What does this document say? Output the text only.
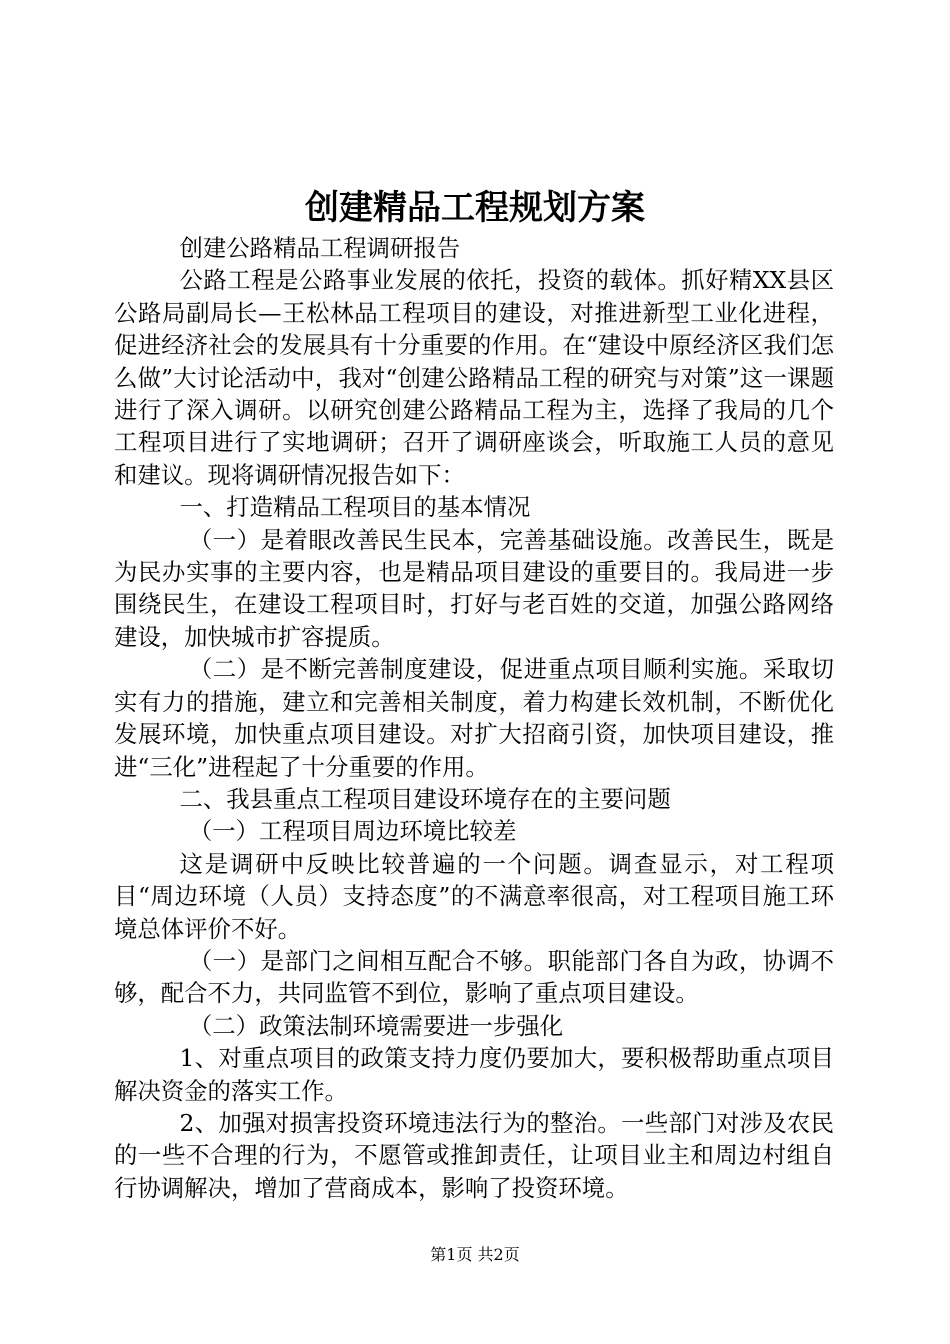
创建精品工程规划方案

创建公路精品工程调研报告

公路工程是公路事业发展的依托，投资的载体。抓好精XX县区公路局副局长—王松林品工程项目的建设，对推进新型工业化进程，促进经济社会的发展具有十分重要的作用。在“建设中原经济区我们怎么做”大讨论活动中，我对“创建公路精品工程的研究与对策”这一课题进行了深入调研。以研究创建公路精品工程为主，选择了我局的几个工程项目进行了实地调研；召开了调研座谈会，听取施工人员的意见和建议。现将调研情况报告如下：

一、打造精品工程项目的基本情况

（一）是着眼改善民生民本，完善基础设施。改善民生，既是为民办实事的主要内容，也是精品项目建设的重要目的。我局进一步围绕民生，在建设工程项目时，打好与老百姓的交道，加强公路网络建设，加快城市扩容提质。

（二）是不断完善制度建设，促进重点项目顺利实施。采取切实有力的措施，建立和完善相关制度，着力构建长效机制，不断优化发展环境，加快重点项目建设。对扩大招商引资，加快项目建设，推进“三化”进程起了十分重要的作用。

二、我县重点工程项目建设环境存在的主要问题

（一）工程项目周边环境比较差

这是调研中反映比较普遍的一个问题。调查显示，对工程项目“周边环境（人员）支持态度”的不满意率很高，对工程项目施工环境总体评价不好。

（一）是部门之间相互配合不够。职能部门各自为政，协调不够，配合不力，共同监管不到位，影响了重点项目建设。

（二）政策法制环境需要进一步强化

1、对重点项目的政策支持力度仍要加大，要积极帮助重点项目解决资金的落实工作。

2、加强对损害投资环境违法行为的整治。一些部门对涉及农民的一些不合理的行为，不愿管或推卸责任，让项目业主和周边村组自行协调解决，增加了营商成本，影响了投资环境。

第1页 共2页
